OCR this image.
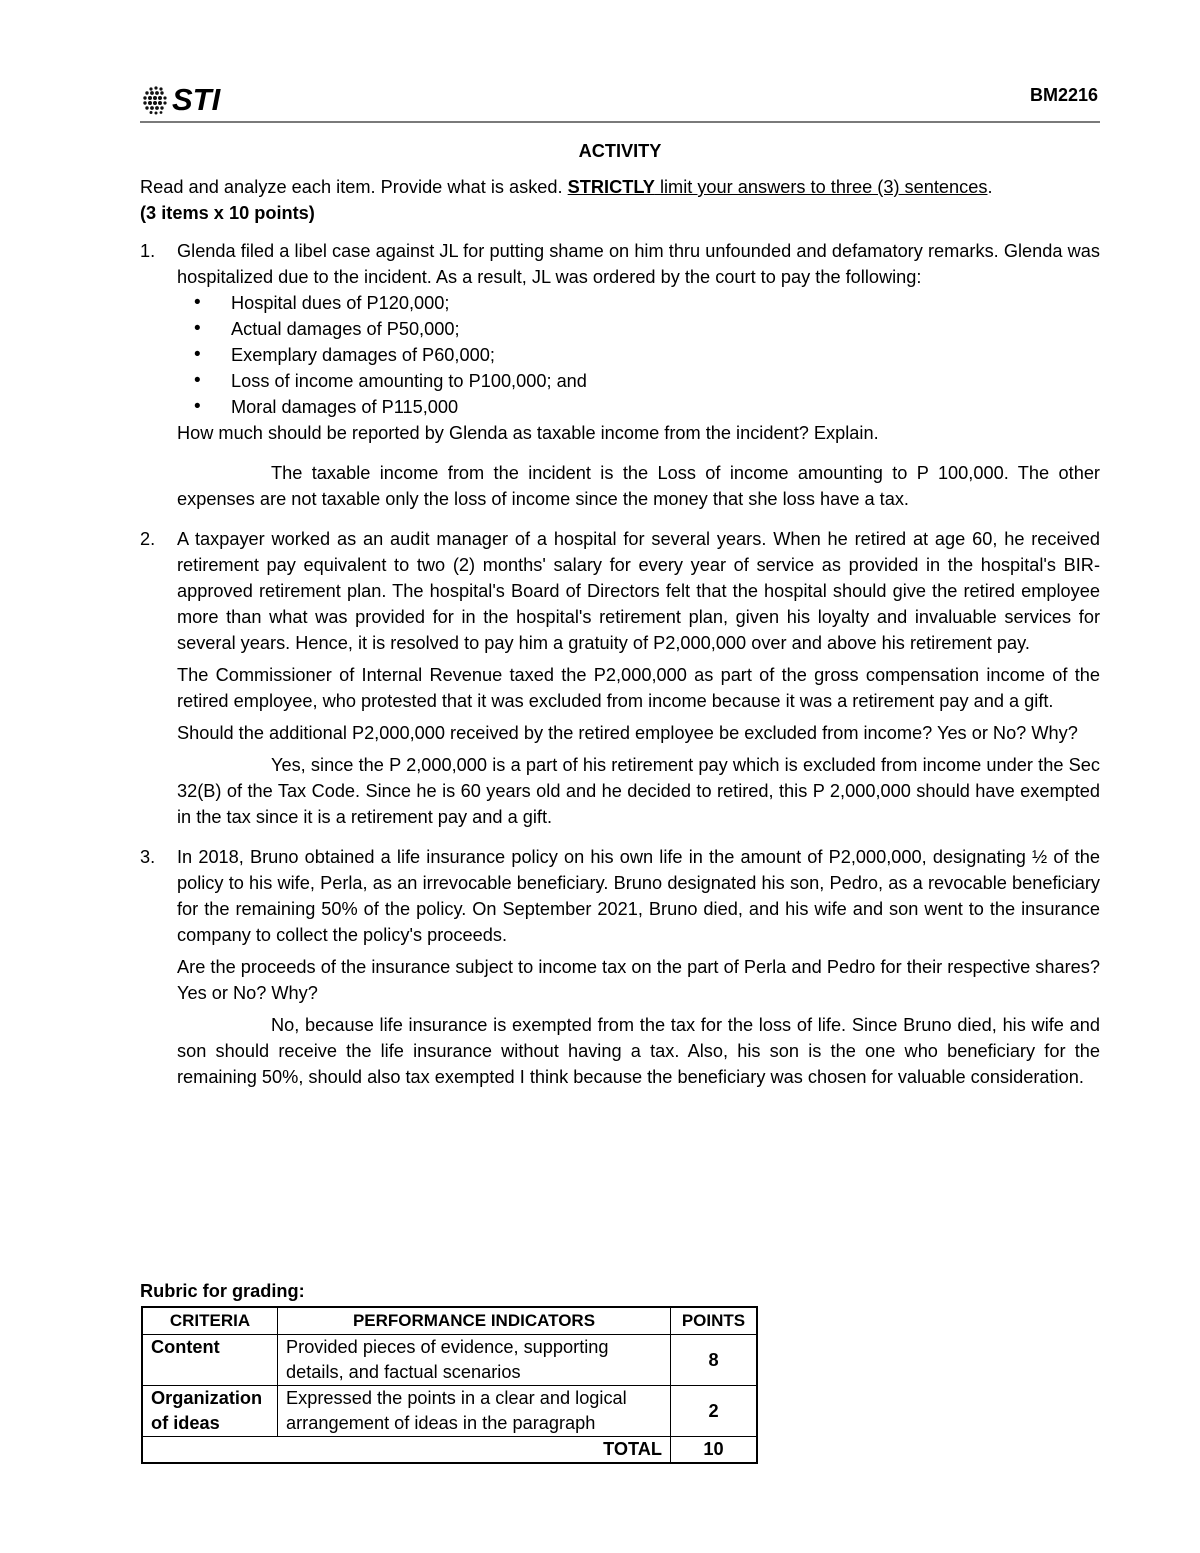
STI	BM2216

ACTIVITY

Read and analyze each item. Provide what is asked. STRICTLY limit your answers to three (3) sentences.

(3 items x 10 points)

1. Glenda filed a libel case against JL for putting shame on him thru unfounded and defamatory remarks. Glenda was hospitalized due to the incident. As a result, JL was ordered by the court to pay the following:

• Hospital dues of P120,000;
• Actual damages of P50,000;
• Exemplary damages of P60,000;
• Loss of income amounting to P100,000; and
• Moral damages of P115,000

How much should be reported by Glenda as taxable income from the incident? Explain.

The taxable income from the incident is the Loss of income amounting to P 100,000. The other expenses are not taxable only the loss of income since the money that she loss have a tax.

2. A taxpayer worked as an audit manager of a hospital for several years. When he retired at age 60, he received retirement pay equivalent to two (2) months' salary for every year of service as provided in the hospital's BIR-approved retirement plan. The hospital's Board of Directors felt that the hospital should give the retired employee more than what was provided for in the hospital's retirement plan, given his loyalty and invaluable services for several years. Hence, it is resolved to pay him a gratuity of P2,000,000 over and above his retirement pay.

The Commissioner of Internal Revenue taxed the P2,000,000 as part of the gross compensation income of the retired employee, who protested that it was excluded from income because it was a retirement pay and a gift.

Should the additional P2,000,000 received by the retired employee be excluded from income? Yes or No? Why?

Yes, since the P 2,000,000 is a part of his retirement pay which is excluded from income under the Sec 32(B) of the Tax Code. Since he is 60 years old and he decided to retired, this P 2,000,000 should have exempted in the tax since it is a retirement pay and a gift.

3. In 2018, Bruno obtained a life insurance policy on his own life in the amount of P2,000,000, designating ½ of the policy to his wife, Perla, as an irrevocable beneficiary. Bruno designated his son, Pedro, as a revocable beneficiary for the remaining 50% of the policy. On September 2021, Bruno died, and his wife and son went to the insurance company to collect the policy's proceeds.

Are the proceeds of the insurance subject to income tax on the part of Perla and Pedro for their respective shares? Yes or No? Why?

No, because life insurance is exempted from the tax for the loss of life. Since Bruno died, his wife and son should receive the life insurance without having a tax. Also, his son is the one who beneficiary for the remaining 50%, should also tax exempted I think because the beneficiary was chosen for valuable consideration.

Rubric for grading:

CRITERIA	PERFORMANCE INDICATORS	POINTS
Content	Provided pieces of evidence, supporting details, and factual scenarios	8
Organization of ideas	Expressed the points in a clear and logical arrangement of ideas in the paragraph	2
TOTAL		10
